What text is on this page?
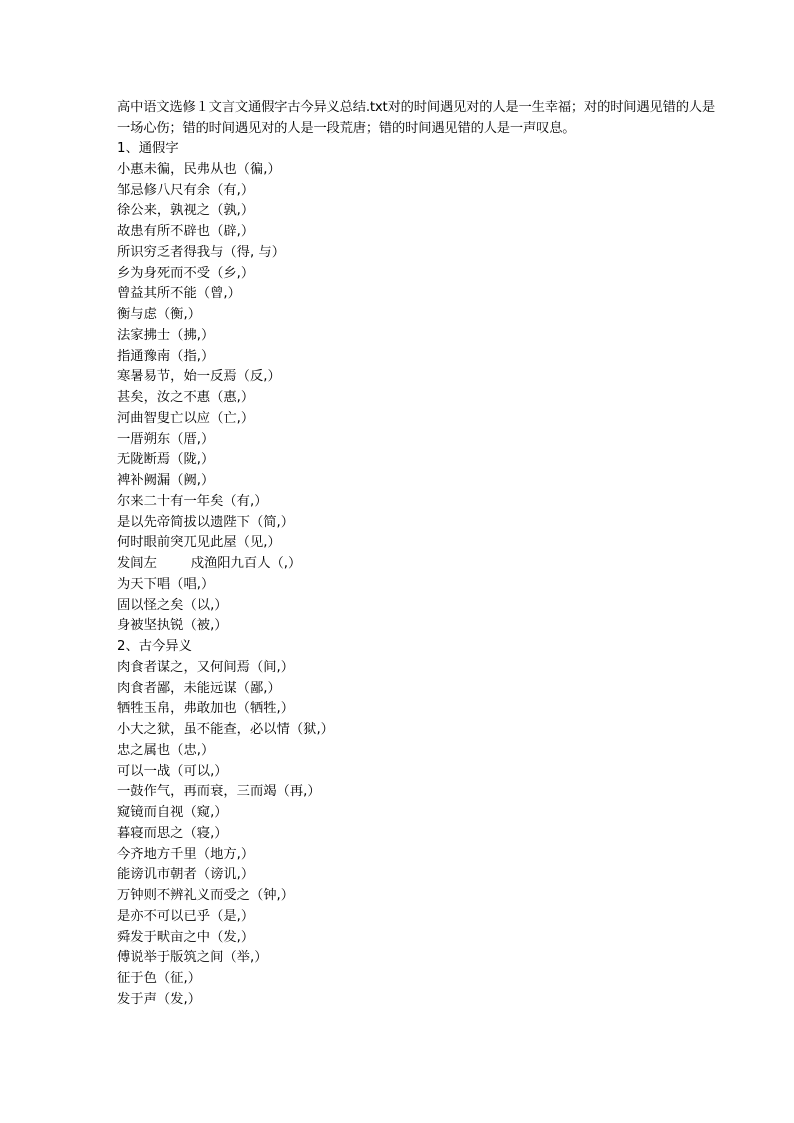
高中语文选修１文言文通假字古今异义总结.txt对的时间遇见对的人是一生幸福；对的时间遇见错的人是一场心伤；错的时间遇见对的人是一段荒唐；错的时间遇见错的人是一声叹息。

1、通假字
小惠未徧，民弗从也（徧,）
邹忌修八尺有余（有,）
徐公来，孰视之（孰,）
故患有所不辟也（辟,）
所识穷乏者得我与（得, 与）
乡为身死而不受（乡,）
曾益其所不能（曾,）
衡与虑（衡,）
法家拂士（拂,）
指通豫南（指,）
寒暑易节，始一反焉（反,）
甚矣，汝之不惠（惠,）
河曲智叟亡以应（亡,）
一厝朔东（厝,）
无陇断焉（陇,）
裨补阙漏（阙,）
尔来二十有一年矣（有,）
是以先帝简拔以遗陛下（简,）
何时眼前突兀见此屋（见,）
发闾左        戍渔阳九百人（,）
为天下唱（唱,）
固以怪之矣（以,）
身被坚执锐（被,）
2、古今异义
肉食者谋之，又何间焉（间,）
肉食者鄙，未能远谋（鄙,）
牺牲玉帛，弗敢加也（牺牲,）
小大之狱，虽不能查，必以情（狱,）
忠之属也（忠,）
可以一战（可以,）
一鼓作气，再而衰，三而竭（再,）
窥镜而自视（窥,）
暮寝而思之（寝,）
今齐地方千里（地方,）
能谤讥市朝者（谤讥,）
万钟则不辨礼义而受之（钟,）
是亦不可以已乎（是,）
舜发于畎亩之中（发,）
傅说举于版筑之间（举,）
征于色（征,）
发于声（发,）
